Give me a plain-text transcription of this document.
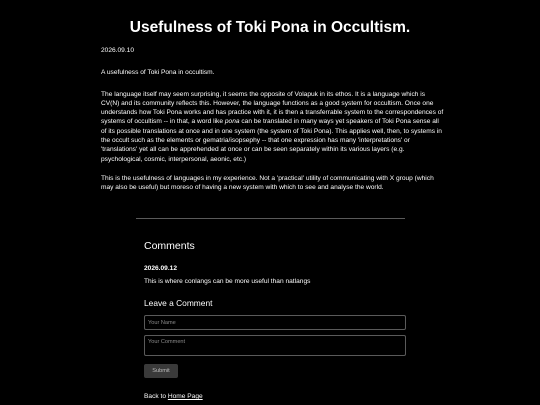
Usefulness of Toki Pona in Occultism.

2026.09.10

A usefulness of Toki Pona in occultism.

The language itself may seem surprising, it seems the opposite of Volapuk in its ethos. It is a language which is CV(N) and its community reflects this. However, the language functions as a good system for occultism. Once one understands how Toki Pona works and has practice with it, it is then a transferrable system to the correspondences of systems of occultism -- in that, a word like pona can be translated in many ways yet speakers of Toki Pona sense all of its possible translations at once and in one system (the system of Toki Pona). This applies well, then, to systems in the occult such as the elements or gematria/isopsephy -- that one expression has many 'interpretations' or 'translations' yet all can be apprehended at once or can be seen separately within its various layers (e.g. psychological, cosmic, interpersonal, aeonic, etc.)

This is the usefulness of languages in my experience. Not a 'practical' utility of communicating with X group (which may also be useful) but moreso of having a new system with which to see and analyse the world.

Comments
2026.09.12
This is where conlangs can be more useful than natlangs
Leave a Comment
Your Name
Your Comment
Submit
Back to Home Page
